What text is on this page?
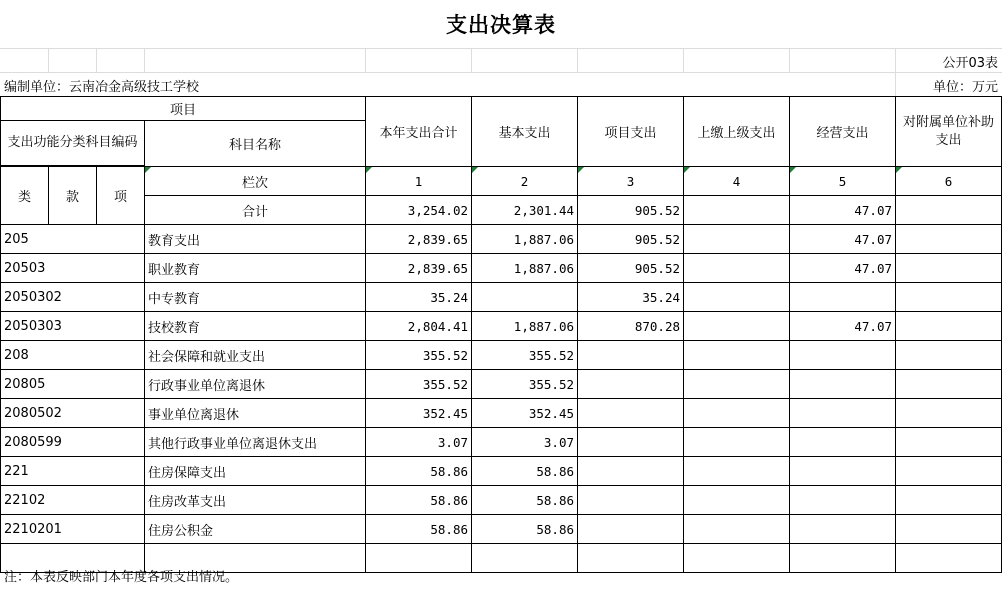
支出决算表
公开03表
编制单位：云南冶金高级技工学校	单位：万元
项目				本年支出合计	基本支出	项目支出	上缴上级支出	经营支出	对附属单位补助支出
支出功能分类科目编码			科目名称						

类	款	项	栏次	1	2	3	4	5	6
			合计	3,254.02	2,301.44	905.52		47.07	
205			教育支出	2,839.65	1,887.06	905.52		47.07	
20503			职业教育	2,839.65	1,887.06	905.52		47.07	
2050302			中专教育	35.24		35.24			
2050303			技校教育	2,804.41	1,887.06	870.28		47.07	
208			社会保障和就业支出	355.52	355.52				
20805			行政事业单位离退休	355.52	355.52				
2080502			事业单位离退休	352.45	352.45				
2080599			其他行政事业单位离退休支出	3.07	3.07				
221			住房保障支出	58.86	58.86				
22102			住房改革支出	58.86	58.86				
2210201			住房公积金	58.86	58.86				

注：本表反映部门本年度各项支出情况。
